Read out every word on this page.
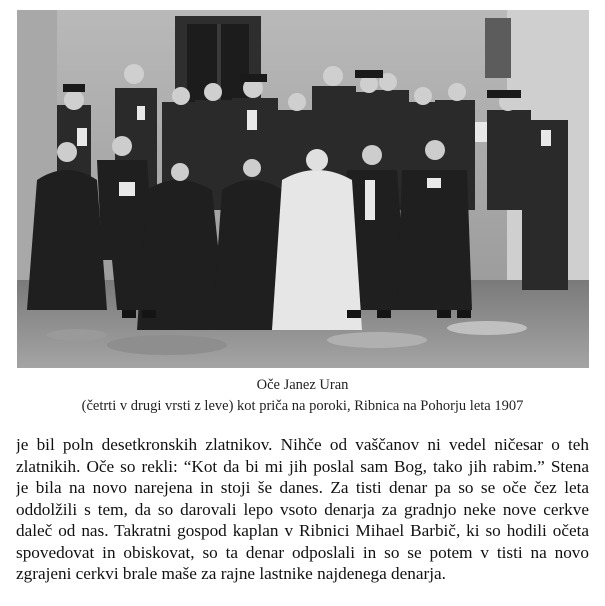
Oče Janez Uran
(četrti v drugi vrsti z leve) kot priča na poroki, Ribnica na Pohorju leta 1907
je bil poln desetkronskih zlatnikov. Nihče od vaščanov ni vedel ničesar o teh
zlatnikih. Oče so rekli: “Kot da bi mi jih poslal sam Bog, tako jih rabim.” Stena
je bila na novo narejena in stoji še danes. Za tisti denar pa so se oče čez leta
oddolžili s tem, da so darovali lepo vsoto denarja za gradnjo neke nove cerkve
daleč od nas. Takratni gospod kaplan v Ribnici Mihael Barbič, ki so hodili očeta
spovedovat in obiskovat, so ta denar odposlali in so se potem v tisti na novo
zgrajeni cerkvi brale maše za rajne lastnike najdenega denarja.
